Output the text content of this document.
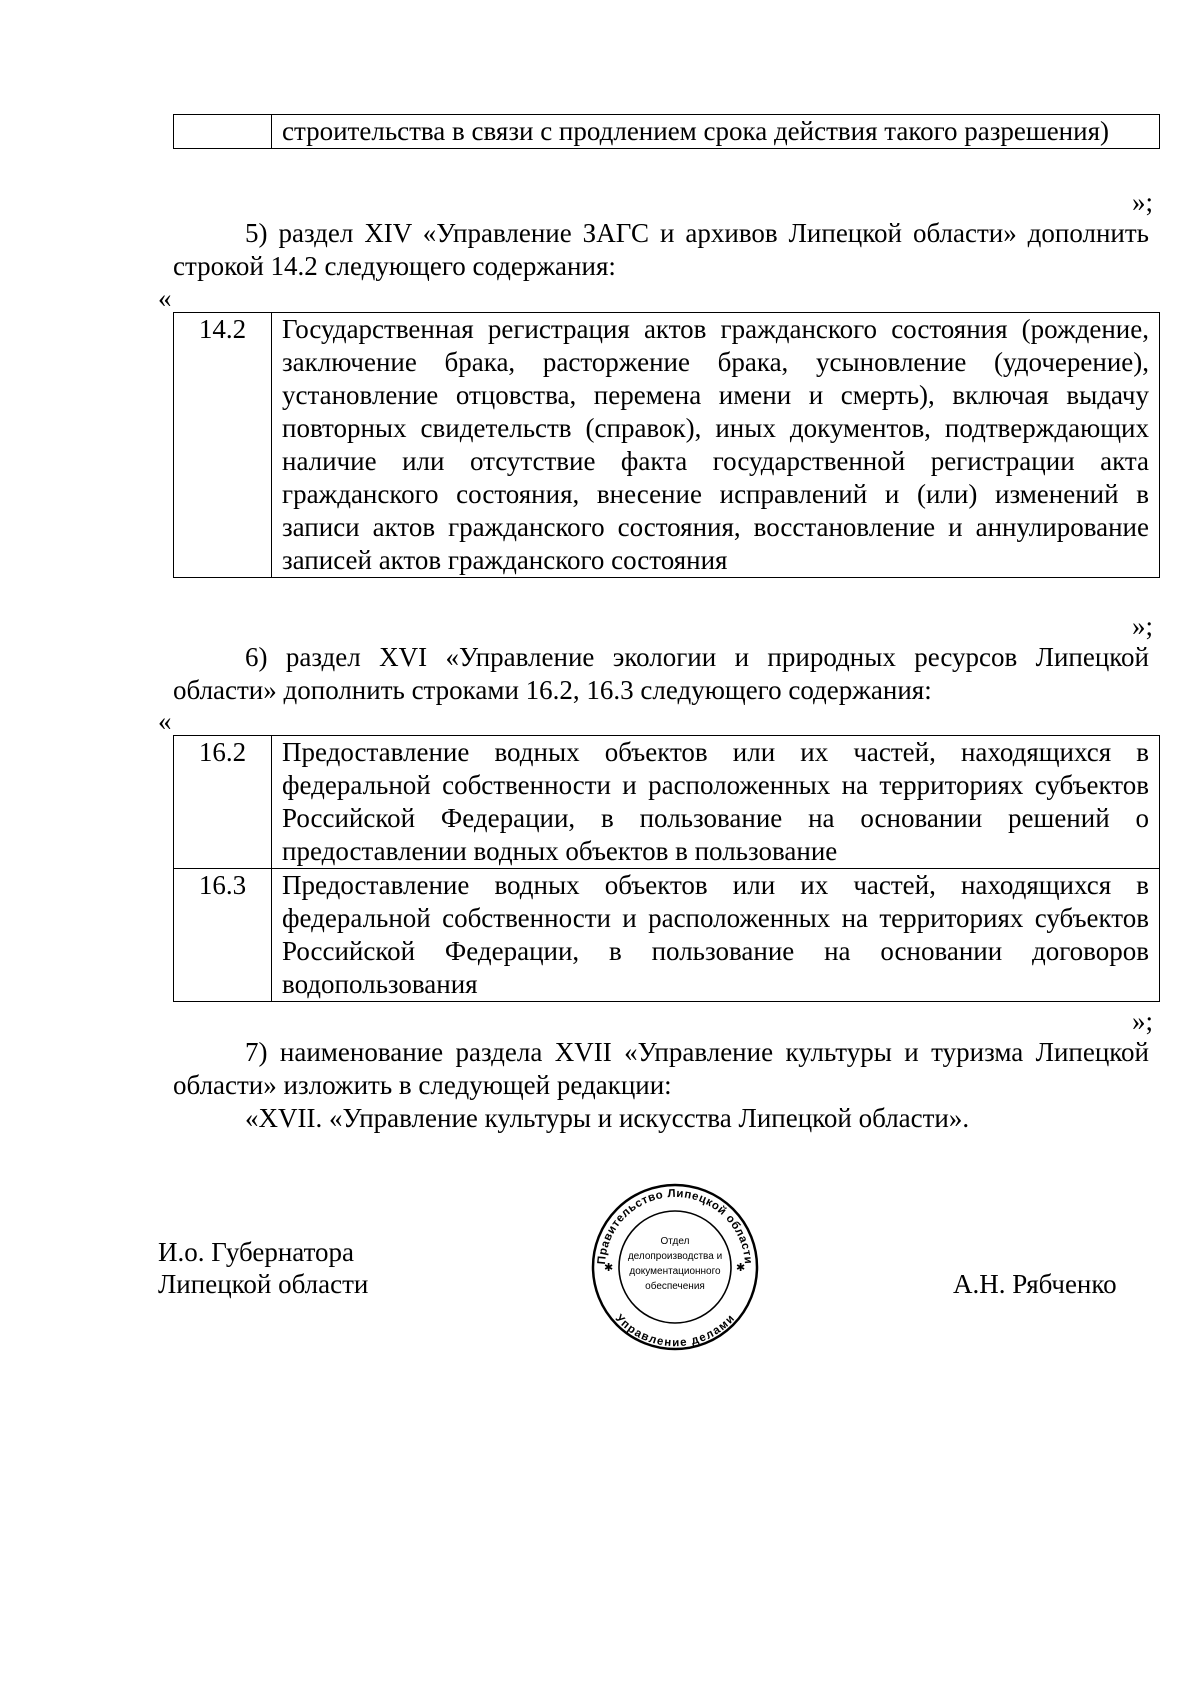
	строительства в связи с продлением срока действия такого разрешения)
»;
5) раздел XIV «Управление ЗАГС и архивов Липецкой области» дополнить строкой 14.2 следующего содержания:
«
14.2	Государственная регистрация актов гражданского состояния (рождение, заключение брака, расторжение брака, усыновление (удочерение), установление отцовства, перемена имени и смерть), включая выдачу повторных свидетельств (справок), иных документов, подтверждающих наличие или отсутствие факта государственной регистрации акта гражданского состояния, внесение исправлений и (или) изменений в записи актов гражданского состояния, восстановление и аннулирование записей актов гражданского состояния
»;
6) раздел XVI «Управление экологии и природных ресурсов Липецкой области» дополнить строками 16.2, 16.3 следующего содержания:
«
16.2	Предоставление водных объектов или их частей, находящихся в федеральной собственности и расположенных на территориях субъектов Российской Федерации, в пользование на основании решений о предоставлении водных объектов в пользование
16.3	Предоставление водных объектов или их частей, находящихся в федеральной собственности и расположенных на территориях субъектов Российской Федерации, в пользование на основании договоров водопользования
»;
7) наименование раздела XVII «Управление культуры и туризма Липецкой области» изложить в следующей редакции:
«XVII. «Управление культуры и искусства Липецкой области».
И.о. Губернатора
Липецкой области	А.Н. Рябченко
Правительство Липецкой области
Управление делами
✱	✱
Отдел
делопроизводства и
документационного
обеспечения
